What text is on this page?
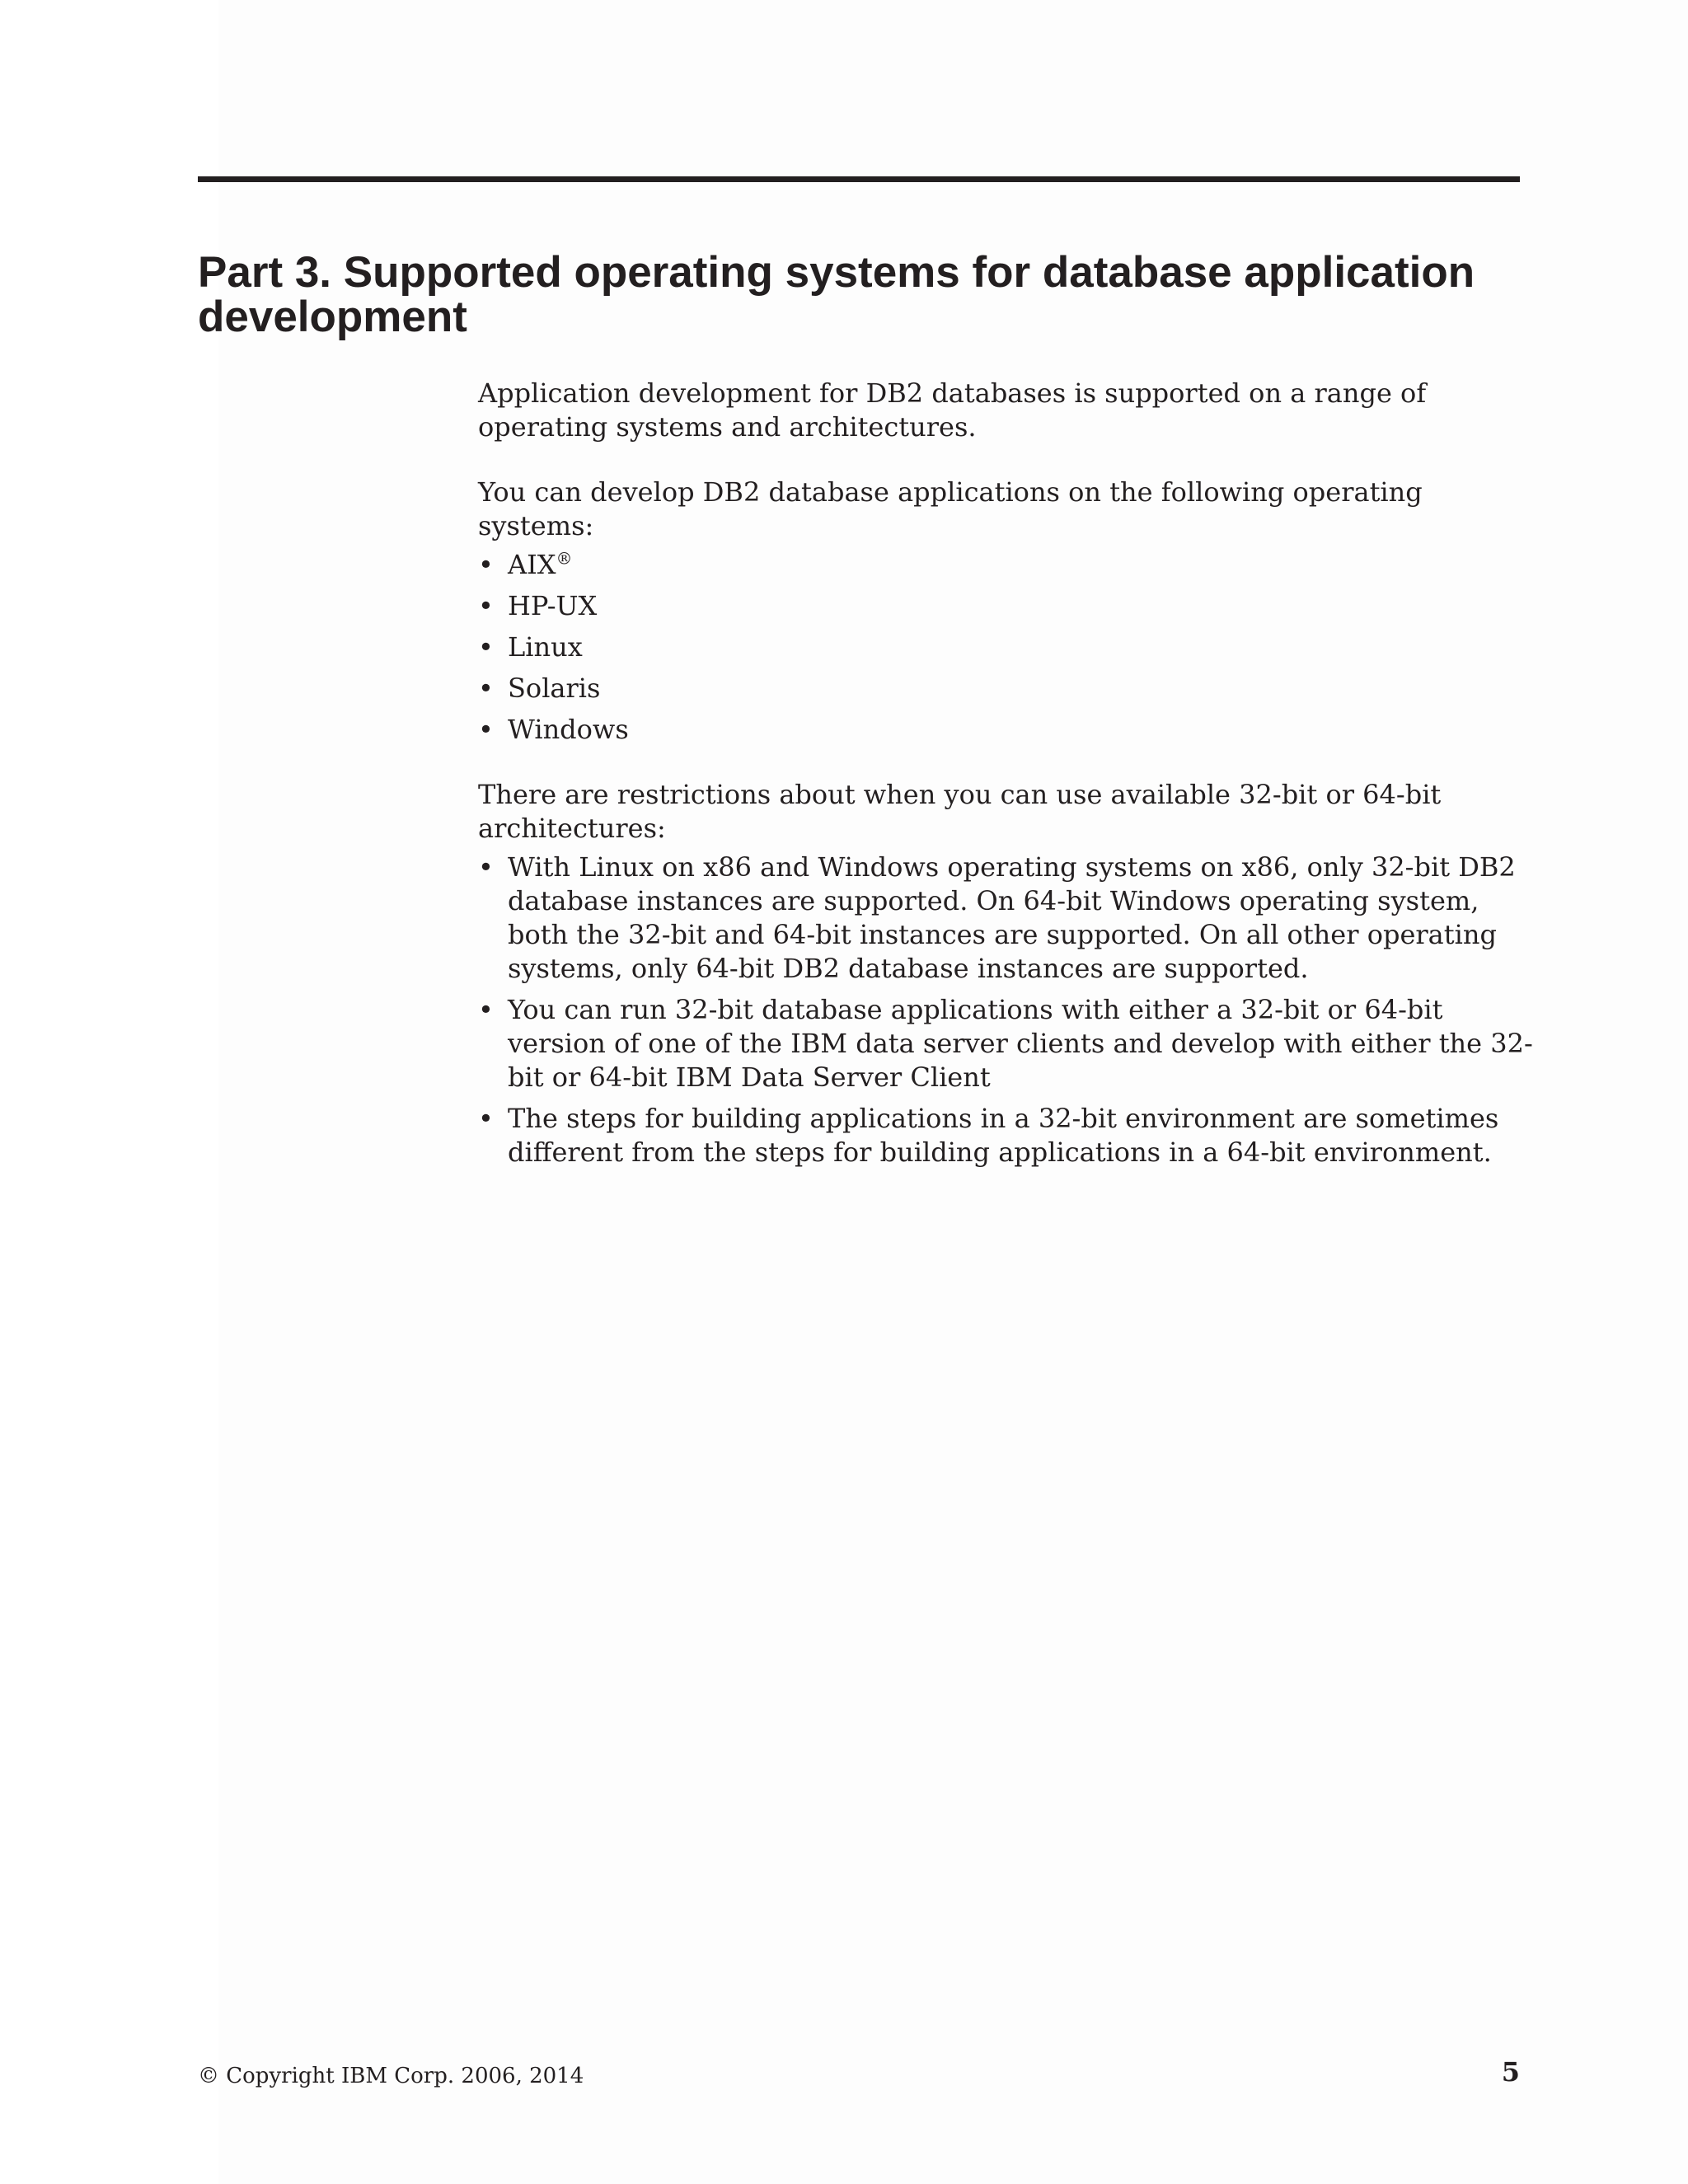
Part 3. Supported operating systems for database application development

Application development for DB2 databases is supported on a range of operating systems and architectures.

You can develop DB2 database applications on the following operating systems:

• AIX®
• HP-UX
• Linux
• Solaris
• Windows

There are restrictions about when you can use available 32-bit or 64-bit architectures:

• With Linux on x86 and Windows operating systems on x86, only 32-bit DB2 database instances are supported. On 64-bit Windows operating system, both the 32-bit and 64-bit instances are supported. On all other operating systems, only 64-bit DB2 database instances are supported.
• You can run 32-bit database applications with either a 32-bit or 64-bit version of one of the IBM data server clients and develop with either the 32-bit or 64-bit IBM Data Server Client
• The steps for building applications in a 32-bit environment are sometimes different from the steps for building applications in a 64-bit environment.
© Copyright IBM Corp. 2006, 2014	5
